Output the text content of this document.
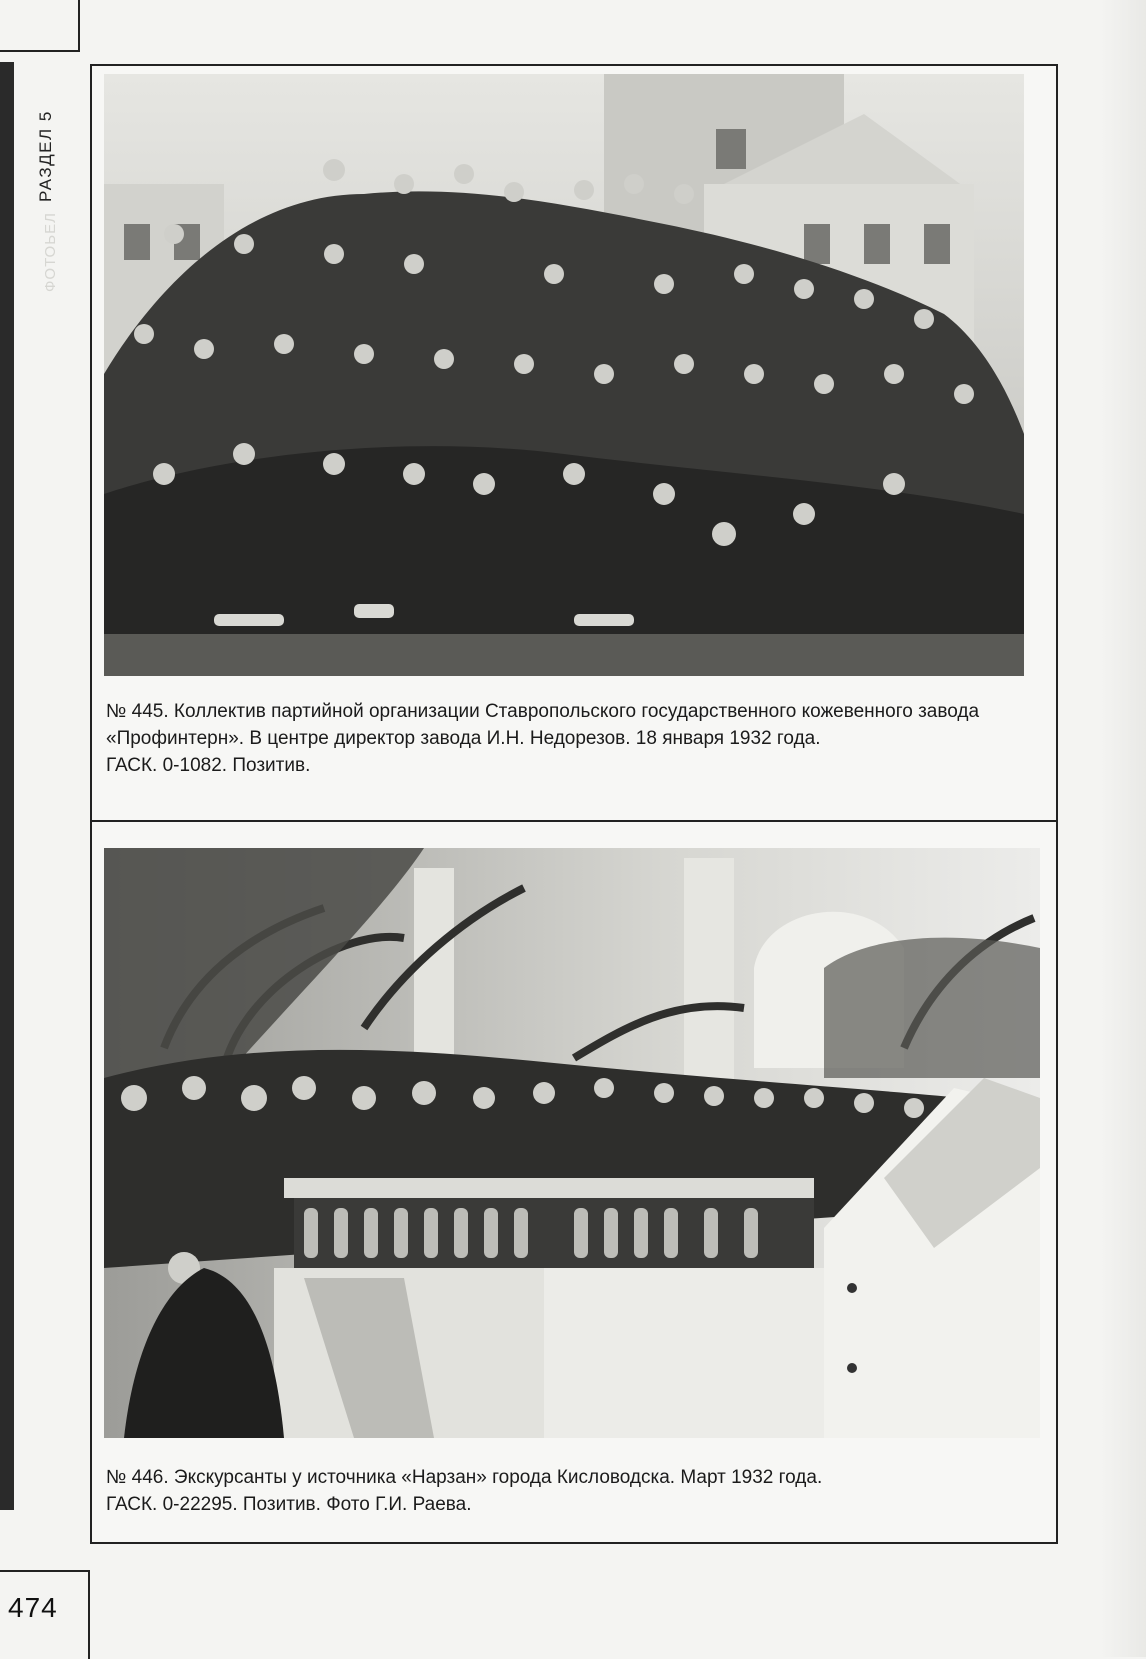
РАЗДЕЛ 5
ФОТОЬЕЛ

№ 445. Коллектив партийной организации Ставропольского государственного кожевенного завода «Профинтерн». В центре директор завода И.Н. Недорезов. 18 января 1932 года.

ГАСК. 0-1082. Позитив.

№ 446. Экскурсанты у источника «Нарзан» города Кисловодска. Март 1932 года.

ГАСК. 0-22295. Позитив. Фото Г.И. Раева.

474
